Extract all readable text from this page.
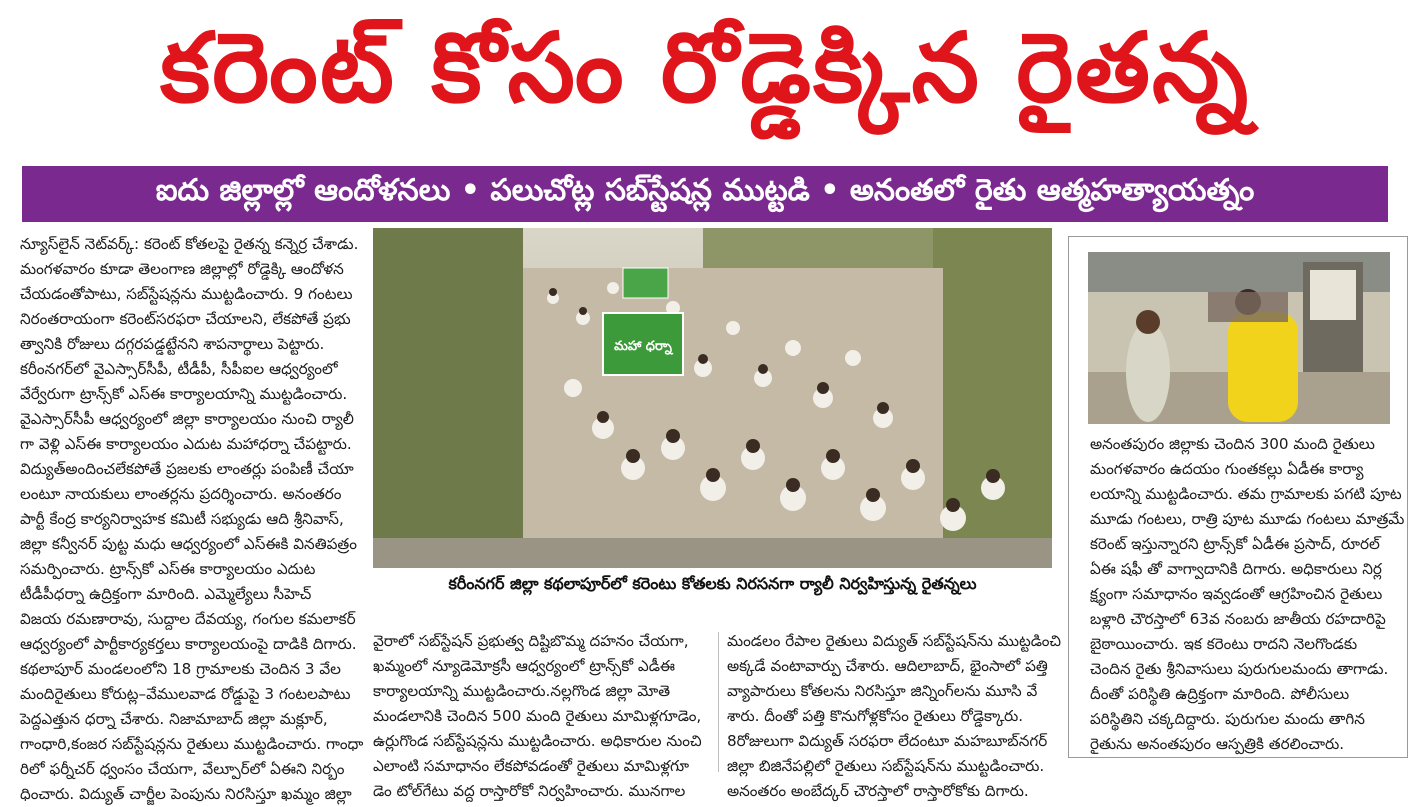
కరెంట్ కోసం రోడ్డెక్కిన రైతన్న
ఐదు జిల్లాల్లో ఆందోళనలు • పలుచోట్ల సబ్‌స్టేషన్ల ముట్టడి • అనంతలో రైతు ఆత్మహత్యాయత్నం

న్యూస్‌లైన్ నెట్‌వర్క్: కరెంట్ కోతలపై రైతన్న కన్నెర్ర చేశాడు.

మంగళవారం కూడా తెలంగాణ జిల్లాల్లో రోడ్డెక్కి ఆందోళన

చేయడంతోపాటు, సబ్‌స్టేషన్లను ముట్టడించారు. 9 గంటలు

నిరంతరాయంగా కరెంట్‌సరఫరా చేయాలని, లేకపోతే ప్రభు

త్వానికి రోజులు దగ్గరపడ్డట్టేనని శాపనార్థాలు పెట్టారు.

కరీంనగర్‌లో వైఎస్సార్‌సీపీ, టీడీపీ, సీపీఐల ఆధ్వర్యంలో

వేర్వేరుగా ట్రాన్స్‌కో ఎస్‌ఈ కార్యాలయాన్ని ముట్టడించారు.

వైఎస్సార్‌సీపీ ఆధ్వర్యంలో జిల్లా కార్యాలయం నుంచి ర్యాలీ

గా వెళ్లి ఎస్‌ఈ కార్యాలయం ఎదుట మహాధర్నా చేపట్టారు.

విద్యుత్‌అందించలేకపోతే ప్రజలకు లాంతర్లు పంపిణీ చేయా

లంటూ నాయకులు లాంతర్లను ప్రదర్శించారు. అనంతరం

పార్టీ కేంద్ర కార్యనిర్వాహక కమిటీ సభ్యుడు ఆది శ్రీనివాస్,

జిల్లా కన్వీనర్ పుట్ట మధు ఆధ్వర్యంలో ఎస్‌ఈకి వినతిపత్రం

సమర్పించారు. ట్రాన్స్‌కో ఎస్‌ఈ కార్యాలయం ఎదుట

టీడీపీధర్నా ఉద్రిక్తంగా మారింది. ఎమ్మెల్యేలు సీహెచ్

విజయ రమణారావు, సుద్దాల దేవయ్య, గంగుల కమలాకర్

ఆధ్వర్యంలో పార్టీకార్యకర్తలు కార్యాలయంపై దాడికి దిగారు.

కథలాపూర్ మండలంలోని 18 గ్రామాలకు చెందిన 3 వేల

మందిరైతులు కోరుట్ల–వేములవాడ రోడ్డుపై 3 గంటలపాటు

పెద్దఎత్తున ధర్నా చేశారు. నిజామాబాద్ జిల్లా మక్లూర్,

గాంధారి,కంజర సబ్‌స్టేషన్లను రైతులు ముట్టడించారు. గాంధా

రిలో ఫర్నీచర్ ధ్వంసం చేయగా, వేల్పూర్‌లో ఏఈని నిర్బం

ధించారు. విద్యుత్ చార్జీల పెంపును నిరసిస్తూ ఖమ్మం జిల్లా

మహా ధర్నా
కరీంనగర్ జిల్లా కథలాపూర్‌లో కరెంటు కోతలకు నిరసనగా ర్యాలీ నిర్వహిస్తున్న రైతన్నలు

వైరాలో సబ్‌స్టేషన్ ప్రభుత్వ దిష్టిబొమ్మ దహనం చేయగా,

ఖమ్మంలో న్యూడెమోక్రసీ ఆధ్వర్యంలో ట్రాన్స్‌కో ఎడీఈ

కార్యాలయాన్ని ముట్టడించారు.నల్లగొండ జిల్లా మోతె

మండలానికి చెందిన 500 మంది రైతులు మామిళ్లగూడెం,

ఉర్లుగొండ సబ్‌స్టేషన్లను ముట్టడించారు. అధికారుల నుంచి

ఎలాంటి సమాధానం లేకపోవడంతో రైతులు మామిళ్లగూ

డెం టోల్‌గేటు వద్ద రాస్తారోకో నిర్వహించారు. మునగాల

మండలం రేపాల రైతులు విద్యుత్ సబ్‌స్టేషన్‌ను ముట్టడించి

అక్కడే వంటావార్పు చేశారు. ఆదిలాబాద్, భైంసాలో పత్తి

వ్యాపారులు కోతలను నిరసిస్తూ జిన్నింగ్‌లను మూసి వే

శారు. దీంతో పత్తి కొనుగోళ్లకోసం రైతులు రోడ్డెక్కారు.

8రోజులుగా విద్యుత్ సరఫరా లేదంటూ మహబూబ్‌నగర్

జిల్లా బిజినేపల్లిలో రైతులు సబ్‌స్టేషన్‌ను ముట్టడించారు.

అనంతరం అంబేద్కర్ చౌరస్తాలో రాస్తారోకోకు దిగారు.

అనంతపురం జిల్లాకు చెందిన 300 మంది రైతులు

మంగళవారం ఉదయం గుంతకల్లు ఏడీఈ కార్యా

లయాన్ని ముట్టడించారు. తమ గ్రామాలకు పగటి పూట

మూడు గంటలు, రాత్రి పూట మూడు గంటలు మాత్రమే

కరెంట్ ఇస్తున్నారని ట్రాన్స్‌కో ఏడీఈ ప్రసాద్, రూరల్

ఏఈ షఫీ తో వాగ్వాదానికి దిగారు. అధికారులు నిర్ల

క్ష్యంగా సమాధానం ఇవ్వడంతో ఆగ్రహించిన రైతులు

బళ్లారి చౌరస్తాలో 63వ నంబరు జాతీయ రహదారిపై

బైఠాయించారు. ఇక కరెంటు రాదని నెలగొండకు

చెందిన రైతు శ్రీనివాసులు పురుగులమందు తాగాడు.

దీంతో పరిస్థితి ఉద్రిక్తంగా మారింది. పోలీసులు

పరిస్థితిని చక్కదిద్దారు. పురుగుల మందు తాగిన

రైతును అనంతపురం ఆస్పత్రికి తరలించారు.
